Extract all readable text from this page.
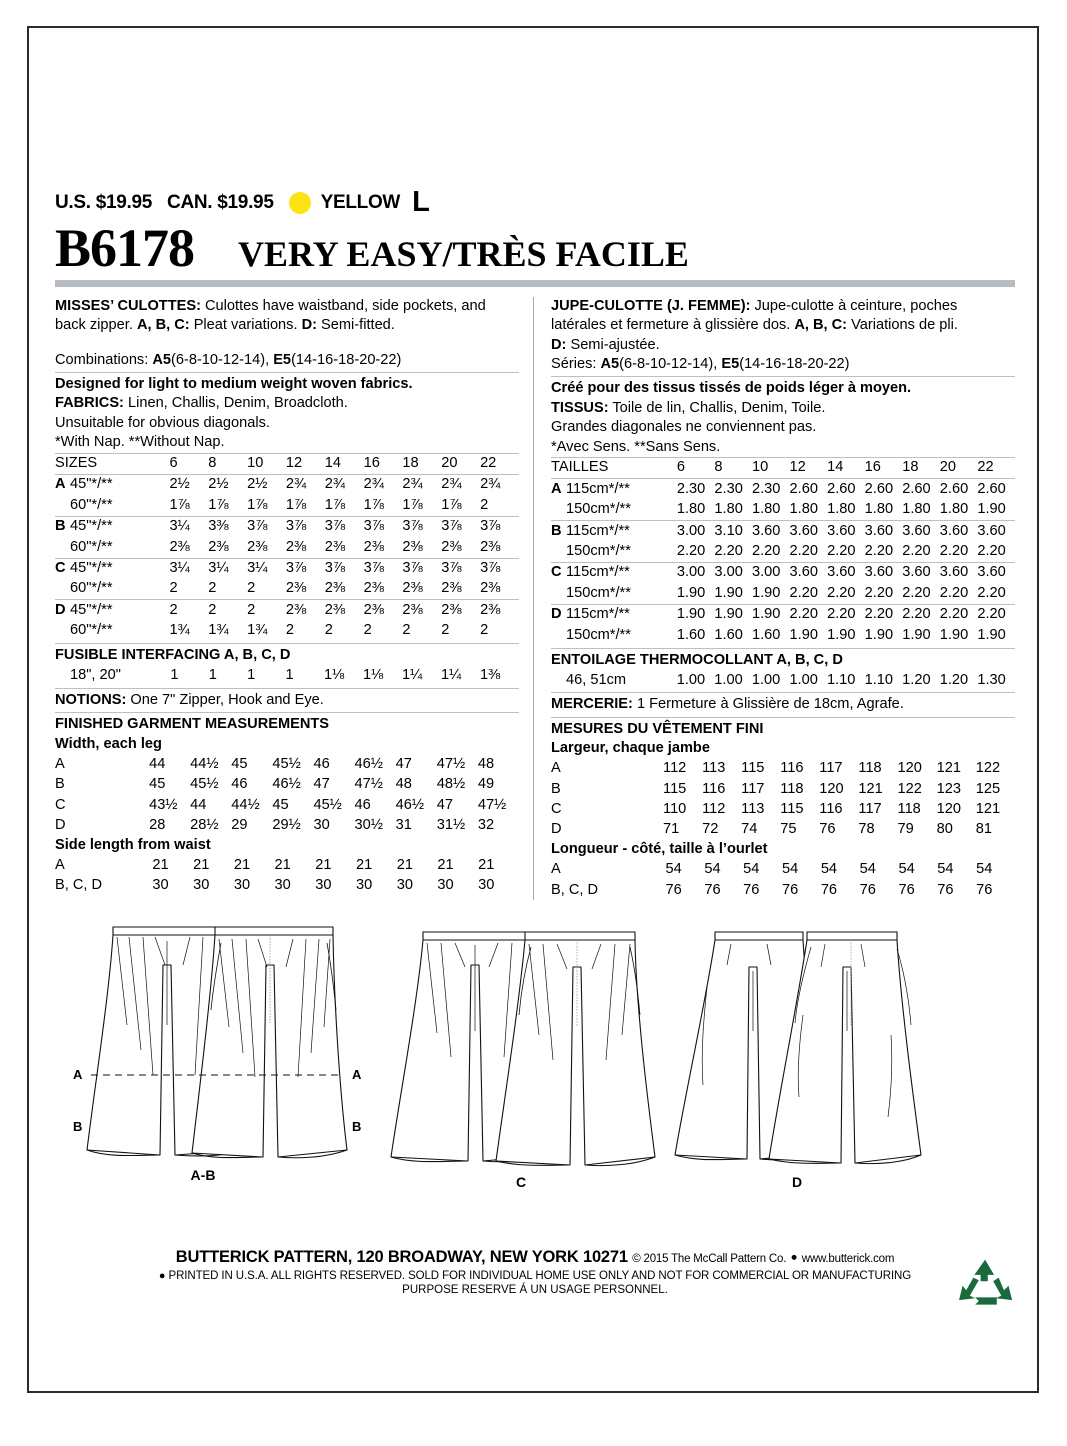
U.S. $19.95 CAN. $19.95 YELLOW L
B6178 VERY EASY/TRÈS FACILE

MISSES’ CULOTTES: Culottes have waistband, side pockets, and back zipper. A, B, C: Pleat variations. D: Semi-fitted.

Combinations: A5(6-8-10-12-14), E5(14-16-18-20-22)

Designed for light to medium weight woven fabrics.

FABRICS: Linen, Challis, Denim, Broadcloth.

Unsuitable for obvious diagonals.
*With Nap. **Without Nap.
SIZES	6	8	10	12	14	16	18	20	22
A 45"*/**	2½	2½	2½	2¾	2¾	2¾	2¾	2¾	2¾
60"*/**	1⅞	1⅞	1⅞	1⅞	1⅞	1⅞	1⅞	1⅞	2
B 45"*/**	3¼	3⅜	3⅞	3⅞	3⅞	3⅞	3⅞	3⅞	3⅞
60"*/**	2⅜	2⅜	2⅜	2⅜	2⅜	2⅜	2⅜	2⅜	2⅜
C 45"*/**	3¼	3¼	3¼	3⅞	3⅞	3⅞	3⅞	3⅞	3⅞
60"*/**	2	2	2	2⅜	2⅜	2⅜	2⅜	2⅜	2⅜
D 45"*/**	2	2	2	2⅜	2⅜	2⅜	2⅜	2⅜	2⅜
60"*/**	1¾	1¾	1¾	2	2	2	2	2	2
FUSIBLE INTERFACING A, B, C, D
18", 20"	1	1	1	1	1⅛	1⅛	1¼	1¼	1⅜

NOTIONS: One 7" Zipper, Hook and Eye.

FINISHED GARMENT MEASUREMENTS
Width, each leg
A	44	44½	45	45½	46	46½	47	47½	48
B	45	45½	46	46½	47	47½	48	48½	49
C	43½	44	44½	45	45½	46	46½	47	47½
D	28	28½	29	29½	30	30½	31	31½	32
Side length from waist
A	21	21	21	21	21	21	21	21	21
B, C, D	30	30	30	30	30	30	30	30	30

JUPE-CULOTTE (J. FEMME): Jupe-culotte à ceinture, poches latérales et fermeture à glissière dos. A, B, C: Variations de pli.
D: Semi-ajustée.

Séries: A5(6-8-10-12-14), E5(14-16-18-20-22)

Créé pour des tissus tissés de poids léger à moyen.

TISSUS: Toile de lin, Challis, Denim, Toile.

Grandes diagonales ne conviennent pas.
*Avec Sens. **Sans Sens.
TAILLES	6	8	10	12	14	16	18	20	22
A 115cm*/**	2.30	2.30	2.30	2.60	2.60	2.60	2.60	2.60	2.60
150cm*/**	1.80	1.80	1.80	1.80	1.80	1.80	1.80	1.80	1.90
B 115cm*/**	3.00	3.10	3.60	3.60	3.60	3.60	3.60	3.60	3.60
150cm*/**	2.20	2.20	2.20	2.20	2.20	2.20	2.20	2.20	2.20
C 115cm*/**	3.00	3.00	3.00	3.60	3.60	3.60	3.60	3.60	3.60
150cm*/**	1.90	1.90	1.90	2.20	2.20	2.20	2.20	2.20	2.20
D 115cm*/**	1.90	1.90	1.90	2.20	2.20	2.20	2.20	2.20	2.20
150cm*/**	1.60	1.60	1.60	1.90	1.90	1.90	1.90	1.90	1.90
ENTOILAGE THERMOCOLLANT A, B, C, D
46, 51cm	1.00	1.00	1.00	1.00	1.10	1.10	1.20	1.20	1.30

MERCERIE: 1 Fermeture à Glissière de 18cm, Agrafe.

MESURES DU VÊTEMENT FINI
Largeur, chaque jambe
A	112	113	115	116	117	118	120	121	122
B	115	116	117	118	120	121	122	123	125
C	110	112	113	115	116	117	118	120	121
D	71	72	74	75	76	78	79	80	81
Longueur - côté, taille à l’ourlet
A	54	54	54	54	54	54	54	54	54
B, C, D	76	76	76	76	76	76	76	76	76
A	A
B	B
A-B	C	D
BUTTERICK PATTERN, 120 BROADWAY, NEW YORK 10271 © 2015 The McCall Pattern Co. ● www.butterick.com
● PRINTED IN U.S.A. ALL RIGHTS RESERVED. SOLD FOR INDIVIDUAL HOME USE ONLY AND NOT FOR COMMERCIAL OR MANUFACTURING
PURPOSE RESERVE Á UN USAGE PERSONNEL.
